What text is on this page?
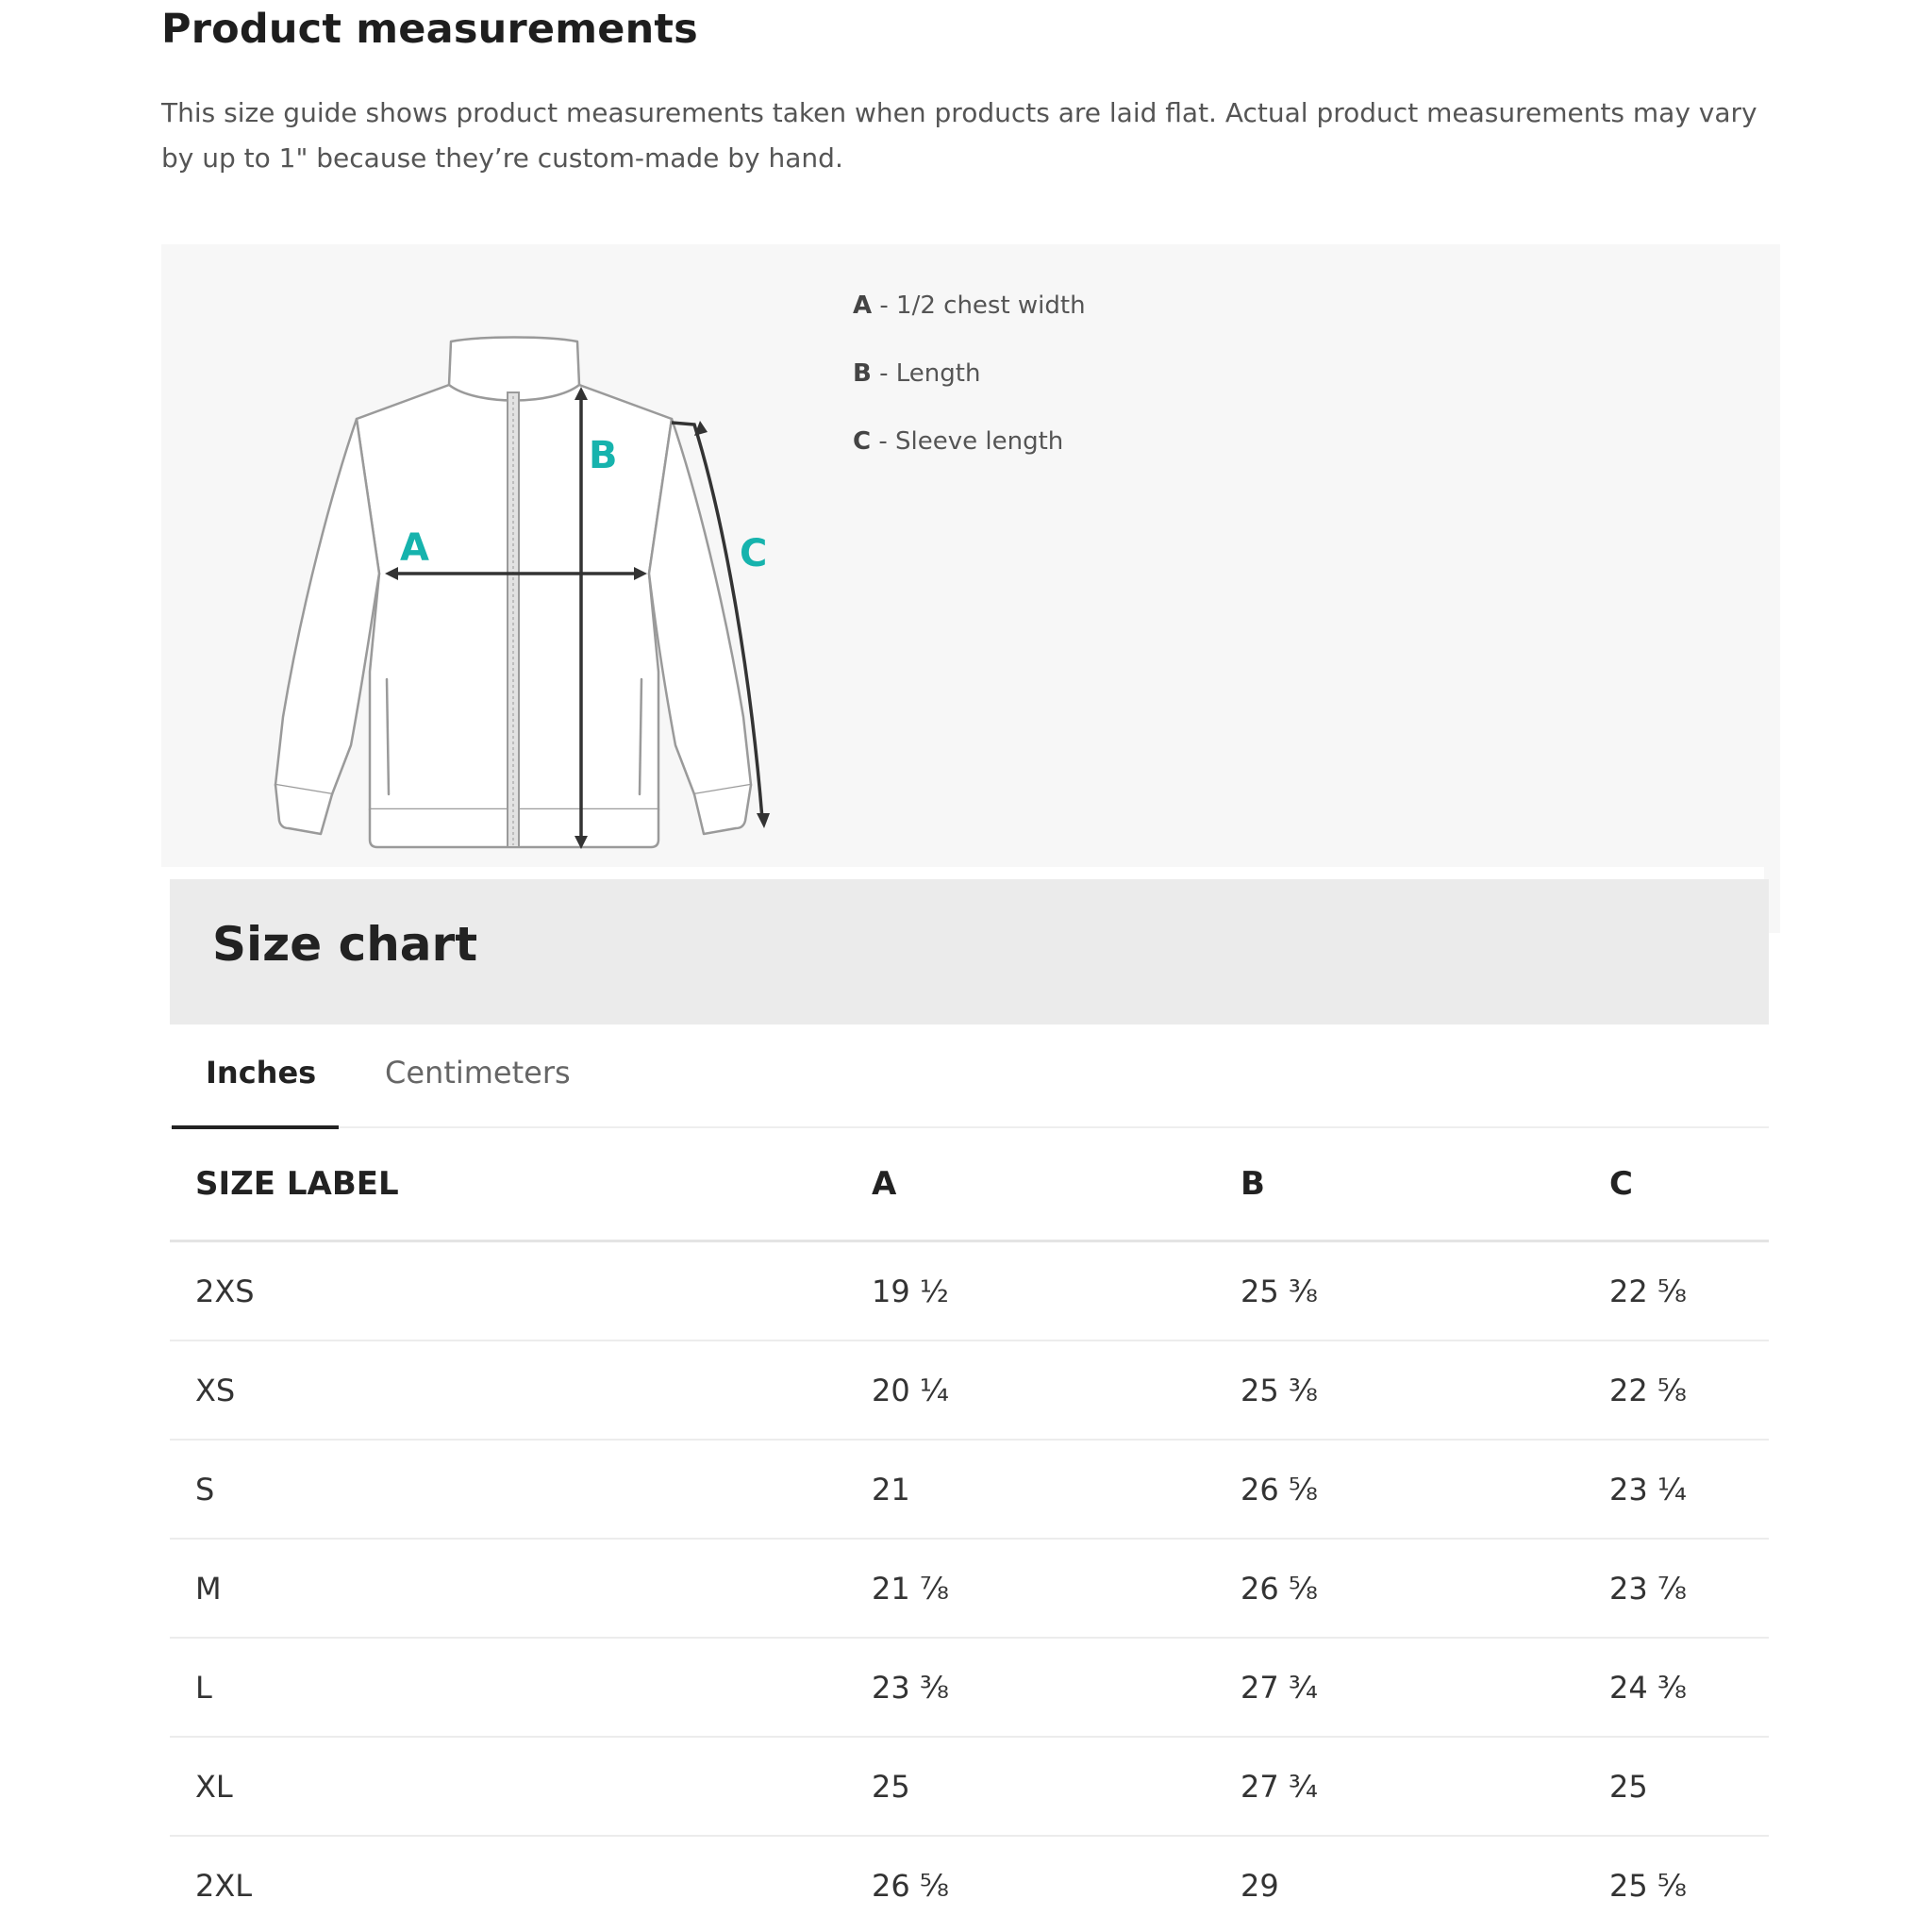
Product measurements
This size guide shows product measurements taken when products are laid flat. Actual product measurements may vary by up to 1" because they’re custom-made by hand.
A
B
C
A - 1/2 chest width
B - Length
C - Sleeve length
Size chart
Inches Centimeters
SIZE LABEL	A	B	C
2XS	19 ½	25 ⅜	22 ⅝
XS	20 ¼	25 ⅜	22 ⅝
S	21	26 ⅝	23 ¼
M	21 ⅞	26 ⅝	23 ⅞
L	23 ⅜	27 ¾	24 ⅜
XL	25	27 ¾	25
2XL	26 ⅝	29	25 ⅝
